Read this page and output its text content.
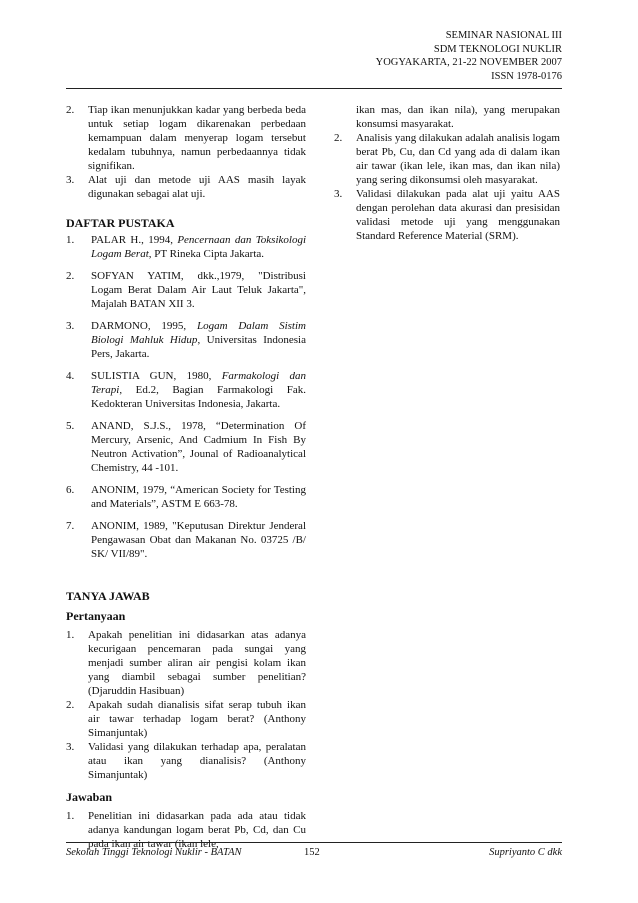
SEMINAR NASIONAL III
SDM TEKNOLOGI NUKLIR
YOGYAKARTA, 21-22 NOVEMBER 2007
ISSN 1978-0176
2. Tiap ikan menunjukkan kadar yang berbeda beda untuk setiap logam dikarenakan perbedaan kemampuan dalam menyerap logam tersebut kedalam tubuhnya, namun perbedaannya tidak signifikan.
3. Alat uji dan metode uji AAS masih layak digunakan sebagai alat uji.

DAFTAR PUSTAKA

1. PALAR H., 1994, Pencernaan dan Toksikologi Logam Berat, PT Rineka Cipta Jakarta.
2. SOFYAN YATIM, dkk.,1979, "Distribusi Logam Berat Dalam Air Laut Teluk Jakarta", Majalah BATAN XII 3.
3. DARMONO, 1995, Logam Dalam Sistim Biologi Mahluk Hidup, Universitas Indonesia Pers, Jakarta.
4. SULISTIA GUN, 1980, Farmakologi dan Terapi, Ed.2, Bagian Farmakologi Fak. Kedokteran Universitas Indonesia, Jakarta.
5. ANAND, S.J.S., 1978, “Determination Of Mercury, Arsenic, And Cadmium In Fish By Neutron Activation”, Jounal of Radioanalytical Chemistry, 44 -101.
6. ANONIM, 1979, “American Society for Testing and Materials”, ASTM E 663-78.
7. ANONIM, 1989, "Keputusan Direktur Jenderal Pengawasan Obat dan Makanan No. 03725 /B/ SK/ VII/89".

TANYA JAWAB

Pertanyaan

1. Apakah penelitian ini didasarkan atas adanya kecurigaan pencemaran pada sungai yang menjadi sumber aliran air pengisi kolam ikan yang diambil sebagai sumber penelitian? (Djaruddin Hasibuan)
2. Apakah sudah dianalisis sifat serap tubuh ikan air tawar terhadap logam berat? (Anthony Simanjuntak)
3. Validasi yang dilakukan terhadap apa, peralatan atau ikan yang dianalisis? (Anthony Simanjuntak)

Jawaban

1. Penelitian ini didasarkan pada ada atau tidak adanya kandungan logam berat Pb, Cd, dan Cu pada ikan air tawar (ikan lele,
ikan mas, dan ikan nila), yang merupakan konsumsi masyarakat.
2. Analisis yang dilakukan adalah analisis logam berat Pb, Cu, dan Cd yang ada di dalam ikan air tawar (ikan lele, ikan mas, dan ikan nila) yang sering dikonsumsi oleh masyarakat.
3. Validasi dilakukan pada alat uji yaitu AAS dengan perolehan data akurasi dan presisidan validasi metode uji yang menggunakan Standard Reference Material (SRM).
Sekolah Tinggi Teknologi Nuklir - BATAN	152	Supriyanto C dkk
